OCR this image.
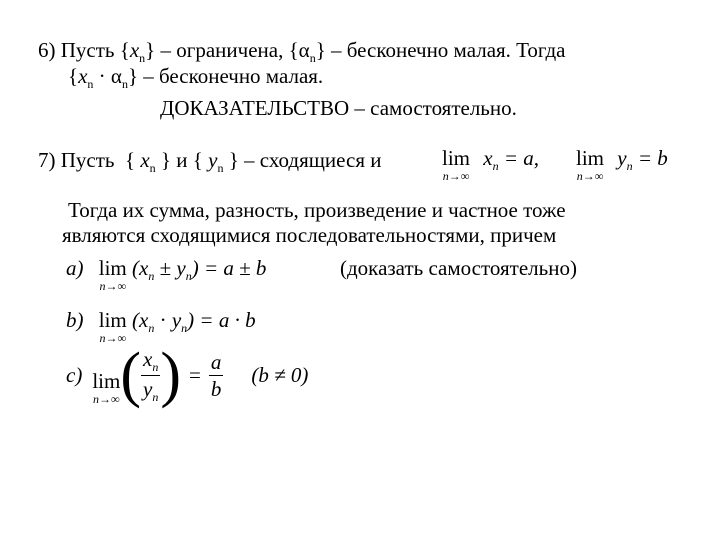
6) Пусть $\{x_n\}$ – ограничена, $\{\alpha_n\}$ – бесконечно малая. Тогда
$\{x_n \cdot \alpha_n\}$ – бесконечно малая.
ДОКАЗАТЕЛЬСТВО – самостоятельно.
7) Пусть { $x_n$ } и { $y_n$ } – сходящиеся и	lim
n→∞
$x_n = a$, lim
n→∞
$y_n = b$
Тогда их сумма, разность, произведение и частное тоже
являются сходящимися последовательностями, причем
a) lim
n→∞
$(x_n \pm y_n) = a \pm b$	(доказать самостоятельно)
b) lim
n→∞
$(x_n \cdot y_n) = a \cdot b$
c) lim
n→∞ ( $\frac{x_n}{y_n}$ ) = $\frac{a}{b} (b \ne 0)$
